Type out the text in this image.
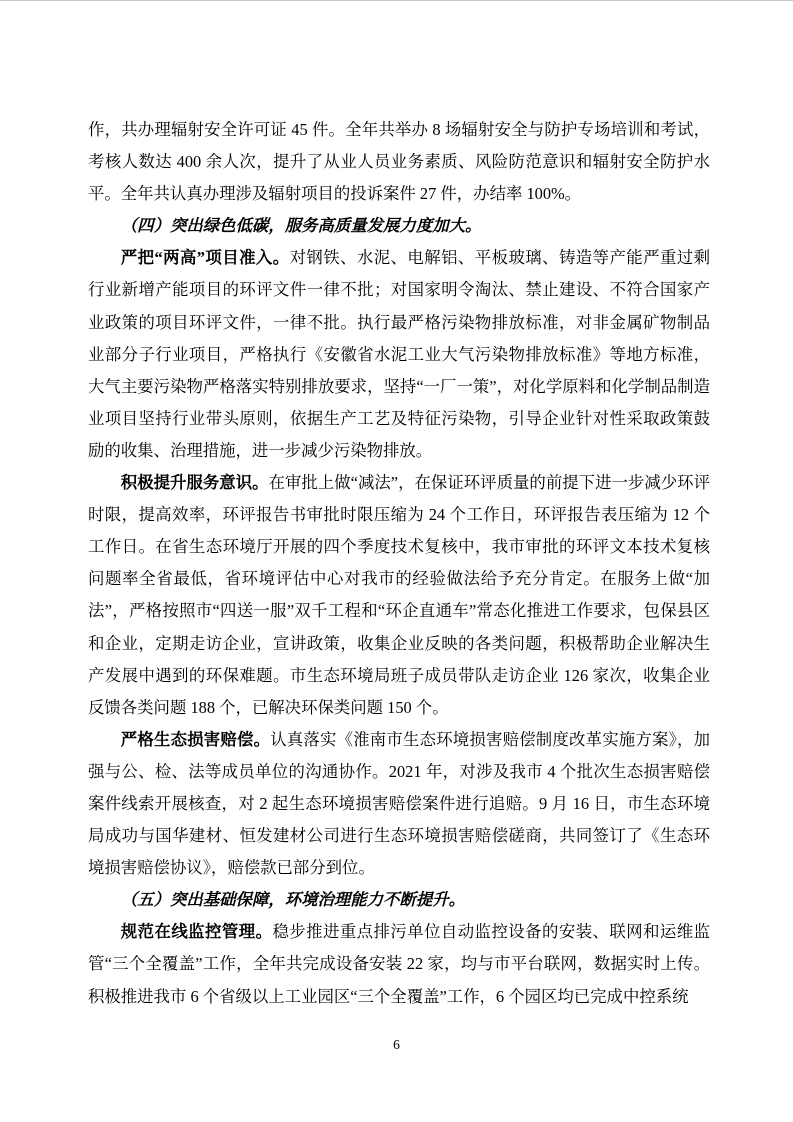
作，共办理辐射安全许可证 45 件。全年共举办 8 场辐射安全与防护专场培训和考试，考核人数达 400 余人次，提升了从业人员业务素质、风险防范意识和辐射安全防护水平。全年共认真办理涉及辐射项目的投诉案件 27 件，办结率 100%。

（四）突出绿色低碳，服务高质量发展力度加大。

严把“两高”项目准入。对钢铁、水泥、电解铝、平板玻璃、铸造等产能严重过剩行业新增产能项目的环评文件一律不批；对国家明令淘汰、禁止建设、不符合国家产业政策的项目环评文件，一律不批。执行最严格污染物排放标准，对非金属矿物制品业部分子行业项目，严格执行《安徽省水泥工业大气污染物排放标准》等地方标准，大气主要污染物严格落实特别排放要求，坚持“一厂一策”，对化学原料和化学制品制造业项目坚持行业带头原则，依据生产工艺及特征污染物，引导企业针对性采取政策鼓励的收集、治理措施，进一步减少污染物排放。

积极提升服务意识。在审批上做“减法”，在保证环评质量的前提下进一步减少环评时限，提高效率，环评报告书审批时限压缩为 24 个工作日，环评报告表压缩为 12 个工作日。在省生态环境厅开展的四个季度技术复核中，我市审批的环评文本技术复核问题率全省最低，省环境评估中心对我市的经验做法给予充分肯定。在服务上做“加法”，严格按照市“四送一服”双千工程和“环企直通车”常态化推进工作要求，包保县区和企业，定期走访企业，宣讲政策，收集企业反映的各类问题，积极帮助企业解决生产发展中遇到的环保难题。市生态环境局班子成员带队走访企业 126 家次，收集企业反馈各类问题 188 个，已解决环保类问题 150 个。

严格生态损害赔偿。认真落实《淮南市生态环境损害赔偿制度改革实施方案》，加强与公、检、法等成员单位的沟通协作。2021 年，对涉及我市 4 个批次生态损害赔偿案件线索开展核查，对 2 起生态环境损害赔偿案件进行追赔。9 月 16 日，市生态环境局成功与国华建材、恒发建材公司进行生态环境损害赔偿磋商，共同签订了《生态环境损害赔偿协议》，赔偿款已部分到位。

（五）突出基础保障，环境治理能力不断提升。

规范在线监控管理。稳步推进重点排污单位自动监控设备的安装、联网和运维监管“三个全覆盖”工作，全年共完成设备安装 22 家，均与市平台联网，数据实时上传。积极推进我市 6 个省级以上工业园区“三个全覆盖”工作，6 个园区均已完成中控系统

6
